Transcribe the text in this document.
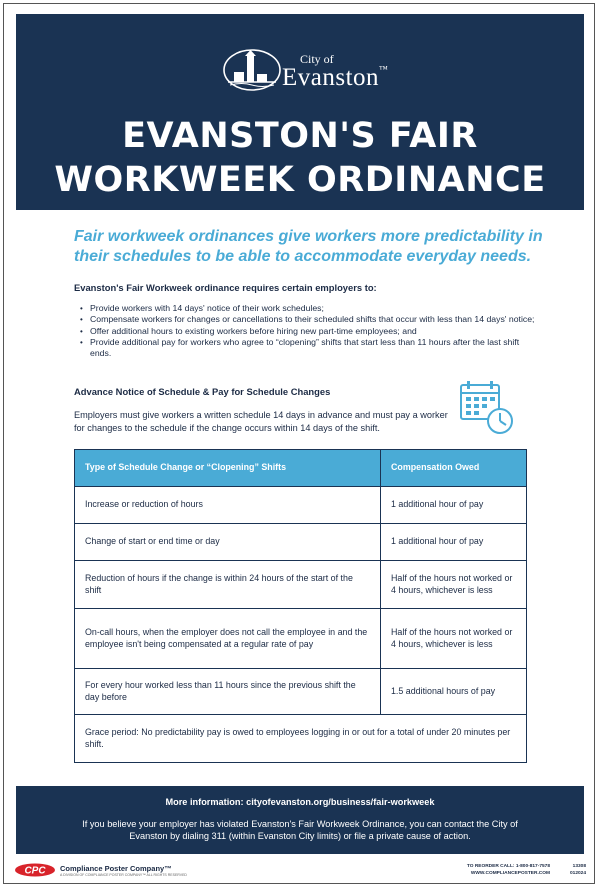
City of
Evanston™
EVANSTON'S FAIR
WORKWEEK ORDINANCE
Fair workweek ordinances give workers more predictability in their schedules to be able to accommodate everyday needs.
Evanston's Fair Workweek ordinance requires certain employers to:
• Provide workers with 14 days' notice of their work schedules;
• Compensate workers for changes or cancellations to their scheduled shifts that occur with less than 14 days' notice;
• Offer additional hours to existing workers before hiring new part-time employees; and
• Provide additional pay for workers who agree to “clopening” shifts that start less than 11 hours after the last shift ends.
Advance Notice of Schedule & Pay for Schedule Changes
Employers must give workers a written schedule 14 days in advance and must pay a worker for changes to the schedule if the change occurs within 14 days of the shift.
Type of Schedule Change or “Clopening” Shifts	Compensation Owed
Increase or reduction of hours	1 additional hour of pay
Change of start or end time or day	1 additional hour of pay
Reduction of hours if the change is within 24 hours of the start of the shift	Half of the hours not worked or 4 hours, whichever is less
On-call hours, when the employer does not call the employee in and the employee isn't being compensated at a regular rate of pay	Half of the hours not worked or 4 hours, whichever is less
For every hour worked less than 11 hours since the previous shift the day before	1.5 additional hours of pay
Grace period: No predictability pay is owed to employees logging in or out for a total of under 20 minutes per shift.	
More information: cityofevanston.org/business/fair-workweek
If you believe your employer has violated Evanston's Fair Workweek Ordinance, you can contact the City of Evanston by dialing 311 (within Evanston City limits) or file a private cause of action.
CPC Compliance Poster Company™
A DIVISION OF COMPLIANCE POSTER COMPANY™ ALL RIGHTS RESERVED
TO REORDER CALL: 1-800-817-7578
WWW.COMPLIANCEPOSTER.COM
13308
012024
